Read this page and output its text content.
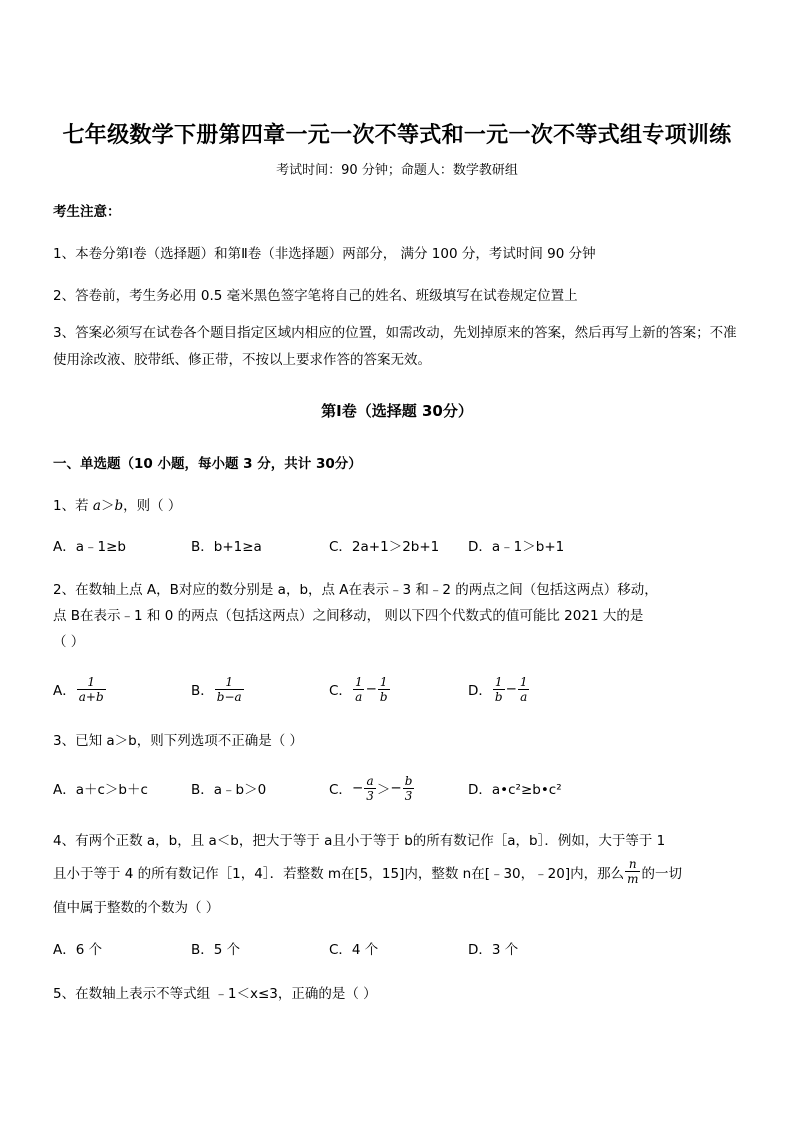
七年级数学下册第四章一元一次不等式和一元一次不等式组专项训练
考试时间：90 分钟；命题人：数学教研组
考生注意：
1、本卷分第Ⅰ卷（选择题）和第Ⅱ卷（非选择题）两部分， 满分 100 分，考试时间 90 分钟
2、答卷前，考生务必用 0.5 毫米黑色签字笔将自己的姓名、班级填写在试卷规定位置上
3、答案必须写在试卷各个题目指定区域内相应的位置，如需改动，先划掉原来的答案，然后再写上新的答案；不准使用涂改液、胶带纸、修正带，不按以上要求作答的答案无效。
第Ⅰ卷（选择题 30分）
一、单选题（10 小题，每小题 3 分，共计 30分）
1、若 a＞b，则（ ）
A．a﹣1≥b	B．b+1≥a	C．2a+1＞2b+1 D．a﹣1＞b+1
2、在数轴上点 A，B对应的数分别是 a，b，点 A在表示﹣3 和﹣2 的两点之间（包括这两点）移动，
点 B在表示﹣1 和 0 的两点（包括这两点）之间移动， 则以下四个代数式的值可能比 2021 大的是
（ ）
A． $\frac{1}{a+b}$	B． $\frac{1}{b-a}$	C． $\frac{1}{a} - \frac{1}{b}$	D． $\frac{1}{b} - \frac{1}{a}$
3、已知 a＞b，则下列选项不正确是（ ）
A．a＋c＞b＋c	B．a﹣b＞0	C． − $\frac{a}{3}$ ＞ − $\frac{b}{3}$	D．a•c²≥b•c²
4、有两个正数 a，b，且 a＜b，把大于等于 a且小于等于 b的所有数记作［a，b］．例如，大于等于 1
且小于等于 4 的所有数记作［1，4］．若整数 m在[5，15]内，整数 n在[﹣30，﹣20]内，那么 $\frac{n}{m}$ 的一切
值中属于整数的个数为（ ）
A．6 个	B．5 个	C．4 个	D．3 个
5、在数轴上表示不等式组 ﹣1＜x≤3，正确的是（ ）
